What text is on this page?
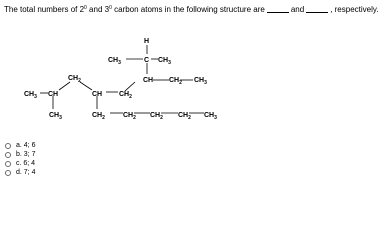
The total numbers of $2^0$ and $3^0$ carbon atoms in the following structure are	and	, respectively.
$CH_3$ CH
$CH_3$
$CH_2$
CH $CH_2$
$CH_2$	$CH_2$ $CH_2$ $CH_2$ $CH_3$
CH $CH_2$ $CH_3$
C
H
$CH_3$	$CH_3$
a. 4; 6
b. 3; 7
c. 6; 4
d. 7; 4
